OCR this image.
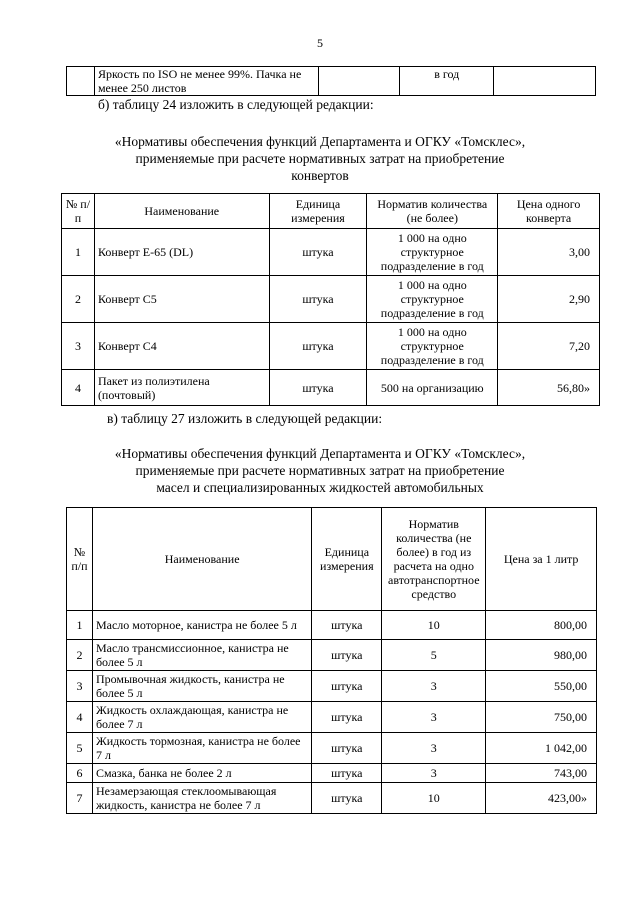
5
	Яркость по ISO не менее 99%. Пачка не менее 250 листов		в год	
б) таблицу 24 изложить в следующей редакции:
«Нормативы обеспечения функций Департамента и ОГКУ «Томсклес»,
применяемые при расчете нормативных затрат на приобретение
конвертов
№ п/п	Наименование	Единица измерения	Норматив количества (не более)	Цена одного конверта
1	Конверт Е-65 (DL)	штука	1 000 на одно структурное подразделение в год	3,00
2	Конверт С5	штука	1 000 на одно структурное подразделение в год	2,90
3	Конверт С4	штука	1 000 на одно структурное подразделение в год	7,20
4	Пакет из полиэтилена (почтовый)	штука	500 на организацию	56,80»
в) таблицу 27 изложить в следующей редакции:
«Нормативы обеспечения функций Департамента и ОГКУ «Томсклес»,
применяемые при расчете нормативных затрат на приобретение
масел и специализированных жидкостей автомобильных
№ п/п	Наименование	Единица измерения	Норматив количества (не более) в год из расчета на одно автотранспортное средство	Цена за 1 литр
1	Масло моторное, канистра не более 5 л	штука	10	800,00
2	Масло трансмиссионное, канистра не более 5 л	штука	5	980,00
3	Промывочная жидкость, канистра не более 5 л	штука	3	550,00
4	Жидкость охлаждающая, канистра не более 7 л	штука	3	750,00
5	Жидкость тормозная, канистра не более 7 л	штука	3	1 042,00
6	Смазка, банка не более 2 л	штука	3	743,00
7	Незамерзающая стеклоомывающая жидкость, канистра не более 7 л	штука	10	423,00»
